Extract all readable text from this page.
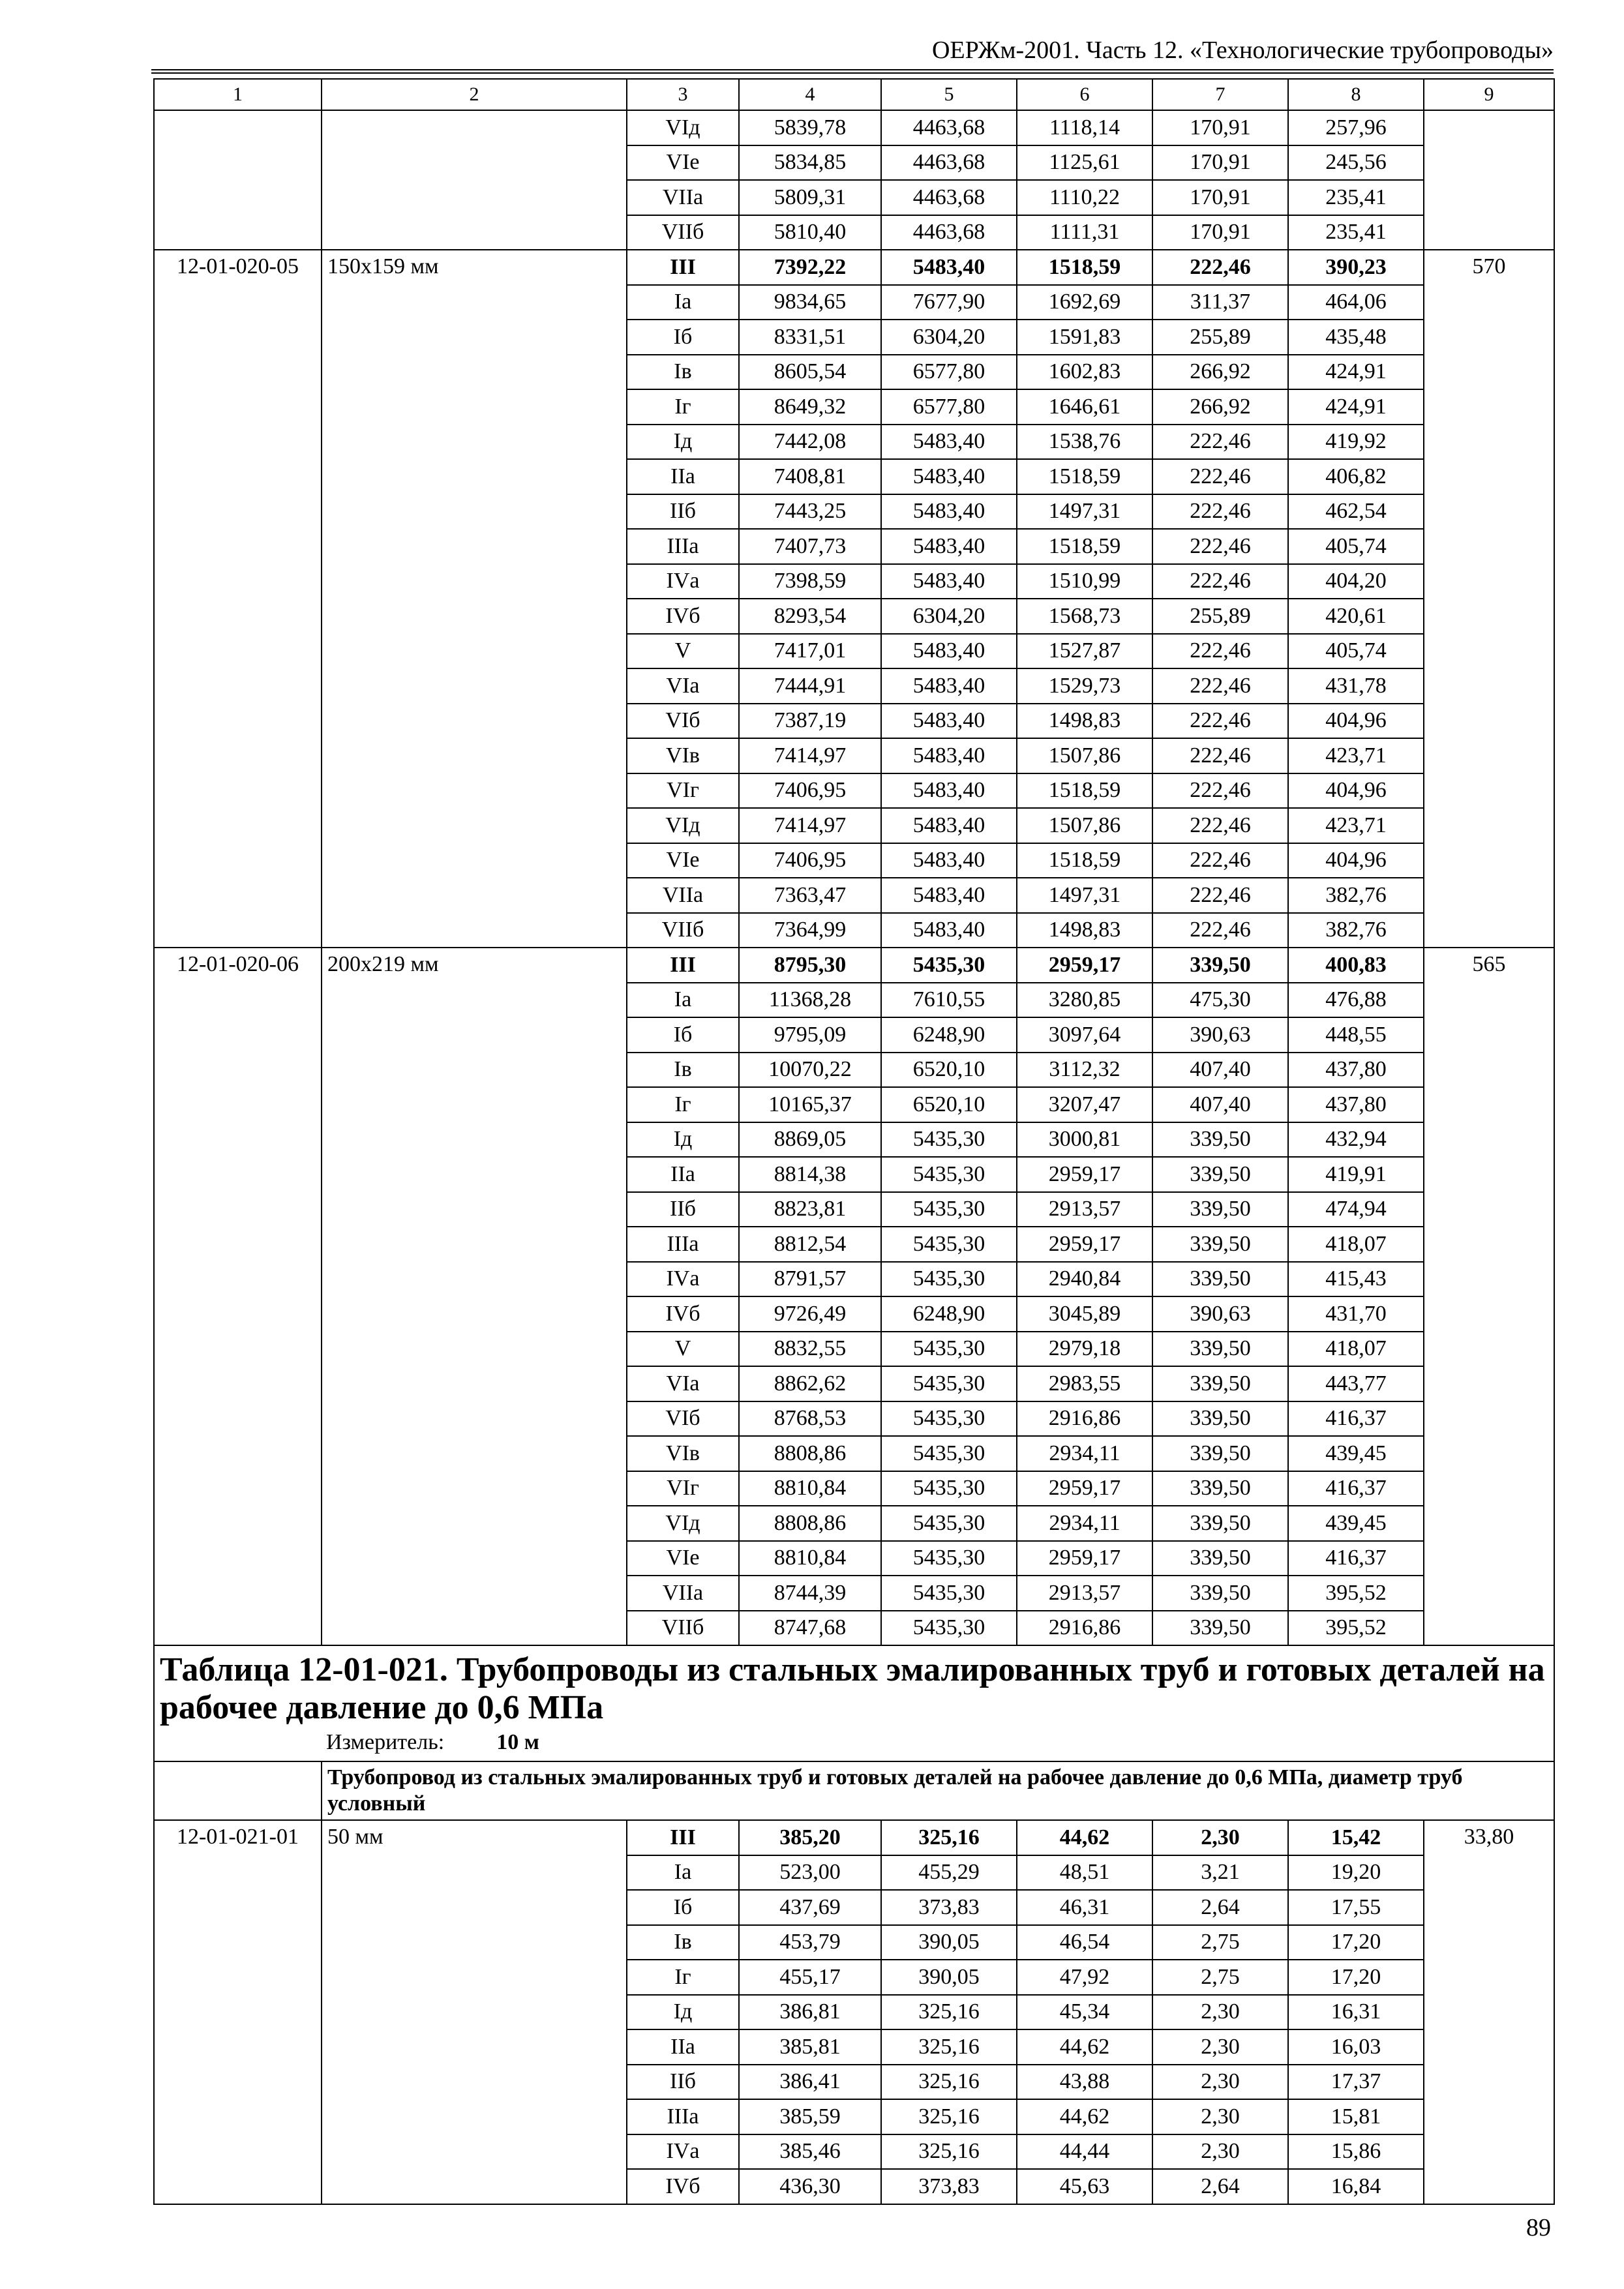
ОЕРЖм-2001. Часть 12. «Технологические трубопроводы»
1	2	3	4	5	6	7	8	9
		VIд	5839,78	4463,68	1118,14	170,91	257,96	
		VIе	5834,85	4463,68	1125,61	170,91	245,56	
		VIIа	5809,31	4463,68	1110,22	170,91	235,41	
		VIIб	5810,40	4463,68	1111,31	170,91	235,41	
12-01-020-05	150х159 мм	III	7392,22	5483,40	1518,59	222,46	390,23	570
		Iа	9834,65	7677,90	1692,69	311,37	464,06	
		Iб	8331,51	6304,20	1591,83	255,89	435,48	
		Iв	8605,54	6577,80	1602,83	266,92	424,91	
		Iг	8649,32	6577,80	1646,61	266,92	424,91	
		Iд	7442,08	5483,40	1538,76	222,46	419,92	
		IIа	7408,81	5483,40	1518,59	222,46	406,82	
		IIб	7443,25	5483,40	1497,31	222,46	462,54	
		IIIа	7407,73	5483,40	1518,59	222,46	405,74	
		IVа	7398,59	5483,40	1510,99	222,46	404,20	
		IVб	8293,54	6304,20	1568,73	255,89	420,61	
		V	7417,01	5483,40	1527,87	222,46	405,74	
		VIа	7444,91	5483,40	1529,73	222,46	431,78	
		VIб	7387,19	5483,40	1498,83	222,46	404,96	
		VIв	7414,97	5483,40	1507,86	222,46	423,71	
		VIг	7406,95	5483,40	1518,59	222,46	404,96	
		VIд	7414,97	5483,40	1507,86	222,46	423,71	
		VIе	7406,95	5483,40	1518,59	222,46	404,96	
		VIIа	7363,47	5483,40	1497,31	222,46	382,76	
		VIIб	7364,99	5483,40	1498,83	222,46	382,76	
12-01-020-06	200х219 мм	III	8795,30	5435,30	2959,17	339,50	400,83	565
		Iа	11368,28	7610,55	3280,85	475,30	476,88	
		Iб	9795,09	6248,90	3097,64	390,63	448,55	
		Iв	10070,22	6520,10	3112,32	407,40	437,80	
		Iг	10165,37	6520,10	3207,47	407,40	437,80	
		Iд	8869,05	5435,30	3000,81	339,50	432,94	
		IIа	8814,38	5435,30	2959,17	339,50	419,91	
		IIб	8823,81	5435,30	2913,57	339,50	474,94	
		IIIа	8812,54	5435,30	2959,17	339,50	418,07	
		IVа	8791,57	5435,30	2940,84	339,50	415,43	
		IVб	9726,49	6248,90	3045,89	390,63	431,70	
		V	8832,55	5435,30	2979,18	339,50	418,07	
		VIа	8862,62	5435,30	2983,55	339,50	443,77	
		VIб	8768,53	5435,30	2916,86	339,50	416,37	
		VIв	8808,86	5435,30	2934,11	339,50	439,45	
		VIг	8810,84	5435,30	2959,17	339,50	416,37	
		VIд	8808,86	5435,30	2934,11	339,50	439,45	
		VIе	8810,84	5435,30	2959,17	339,50	416,37	
		VIIа	8744,39	5435,30	2913,57	339,50	395,52	
		VIIб	8747,68	5435,30	2916,86	339,50	395,52	

Таблица 12-01-021. Трубопроводы из стальных эмалированных труб и готовых деталей на рабочее давление до 0,6 МПа
Измеритель: 10 м								

	Трубопровод из стальных эмалированных труб и готовых деталей на рабочее давление до 0,6 МПа, диаметр труб условный							
12-01-021-01	50 мм	III	385,20	325,16	44,62	2,30	15,42	33,80
		Iа	523,00	455,29	48,51	3,21	19,20	
		Iб	437,69	373,83	46,31	2,64	17,55	
		Iв	453,79	390,05	46,54	2,75	17,20	
		Iг	455,17	390,05	47,92	2,75	17,20	
		Iд	386,81	325,16	45,34	2,30	16,31	
		IIа	385,81	325,16	44,62	2,30	16,03	
		IIб	386,41	325,16	43,88	2,30	17,37	
		IIIа	385,59	325,16	44,62	2,30	15,81	
		IVа	385,46	325,16	44,44	2,30	15,86	
		IVб	436,30	373,83	45,63	2,64	16,84	
89
